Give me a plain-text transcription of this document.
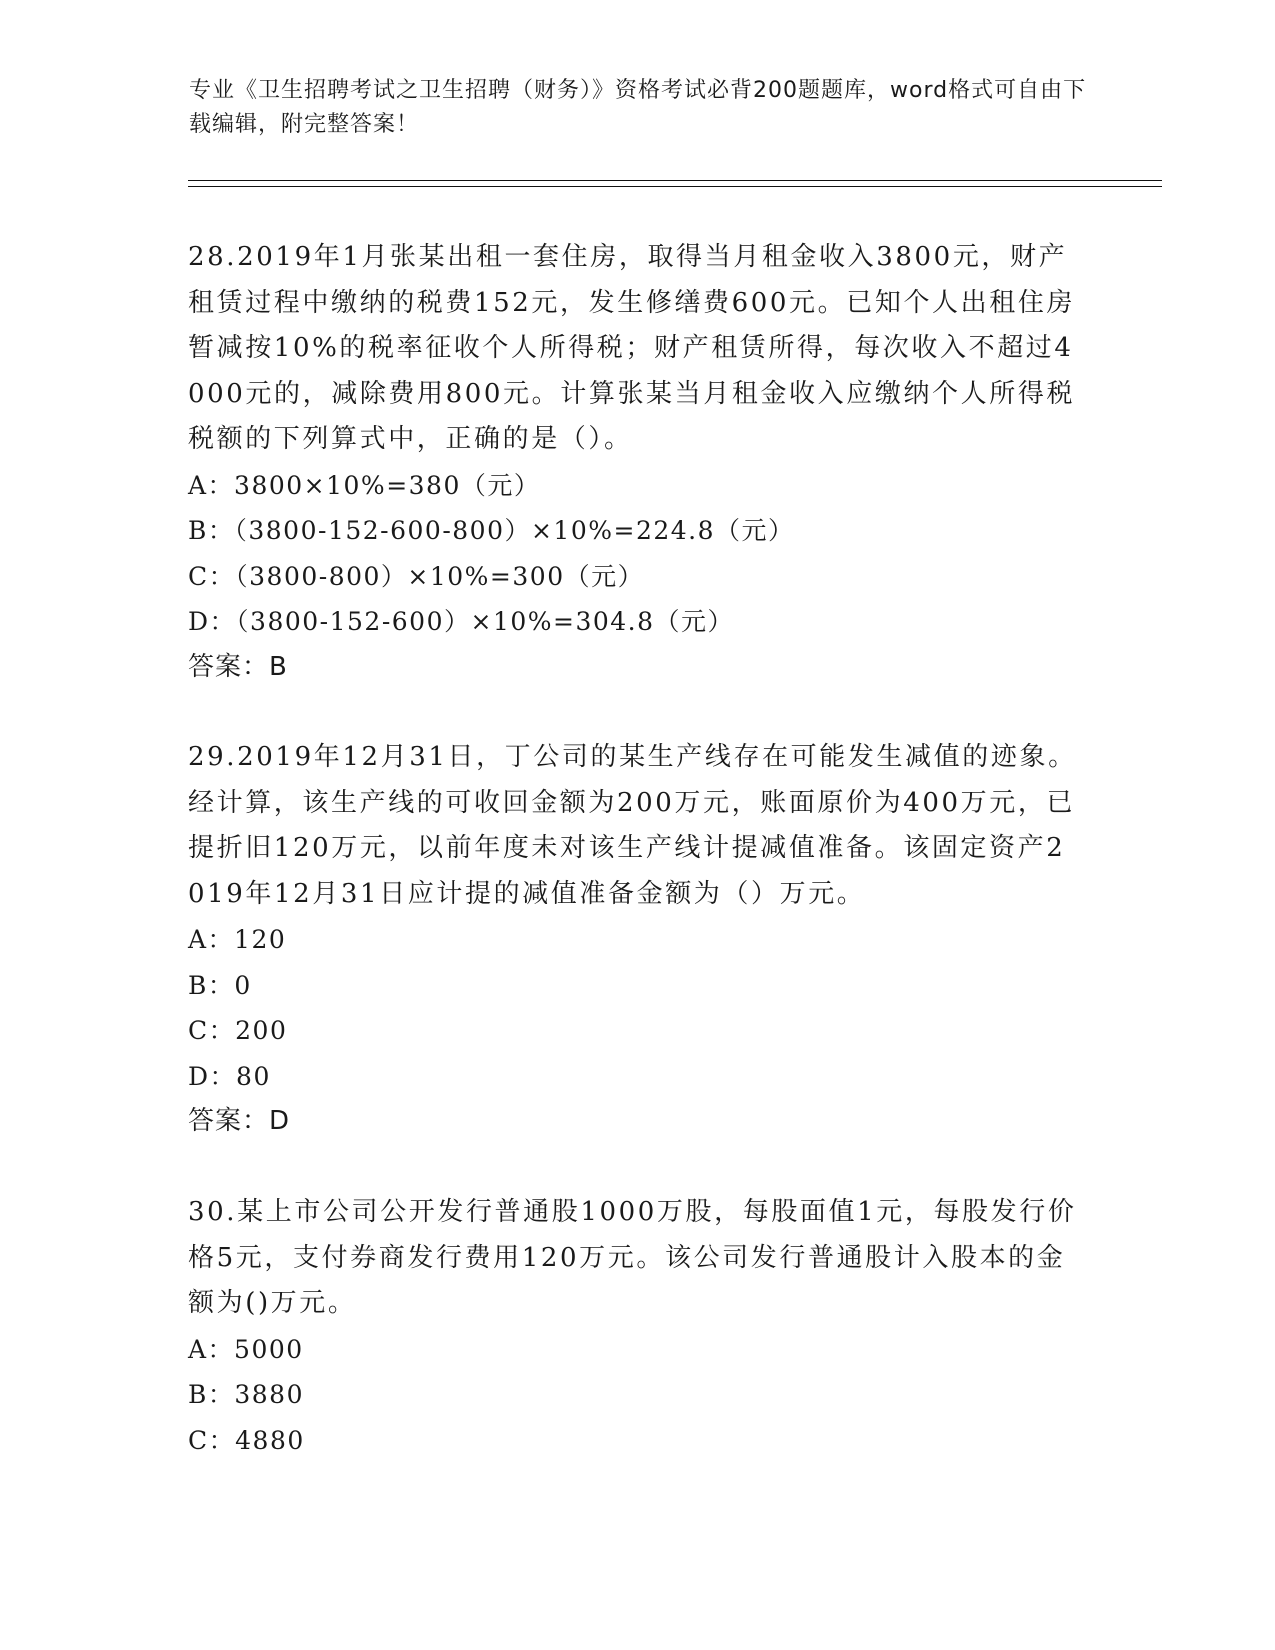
专业《卫生招聘考试之卫生招聘（财务）》资格考试必背200题题库，word格式可自由下载编辑，附完整答案！
28.2019年1月张某出租一套住房，取得当月租金收入3800元，财产租赁过程中缴纳的税费152元，发生修缮费600元。已知个人出租住房暂减按10%的税率征收个人所得税；财产租赁所得，每次收入不超过4000元的，减除费用800元。计算张某当月租金收入应缴纳个人所得税税额的下列算式中，正确的是（）。
A：3800×10%=380（元）
B：（3800-152-600-800）×10%=224.8（元）
C：（3800-800）×10%=300（元）
D：（3800-152-600）×10%=304.8（元）
答案：B
29.2019年12月31日，丁公司的某生产线存在可能发生减值的迹象。经计算，该生产线的可收回金额为200万元，账面原价为400万元，已提折旧120万元，以前年度未对该生产线计提减值准备。该固定资产2019年12月31日应计提的减值准备金额为（）万元。
A：120
B：0
C：200
D：80
答案：D
30.某上市公司公开发行普通股1000万股，每股面值1元，每股发行价格5元，支付券商发行费用120万元。该公司发行普通股计入股本的金额为()万元。
A：5000
B：3880
C：4880
